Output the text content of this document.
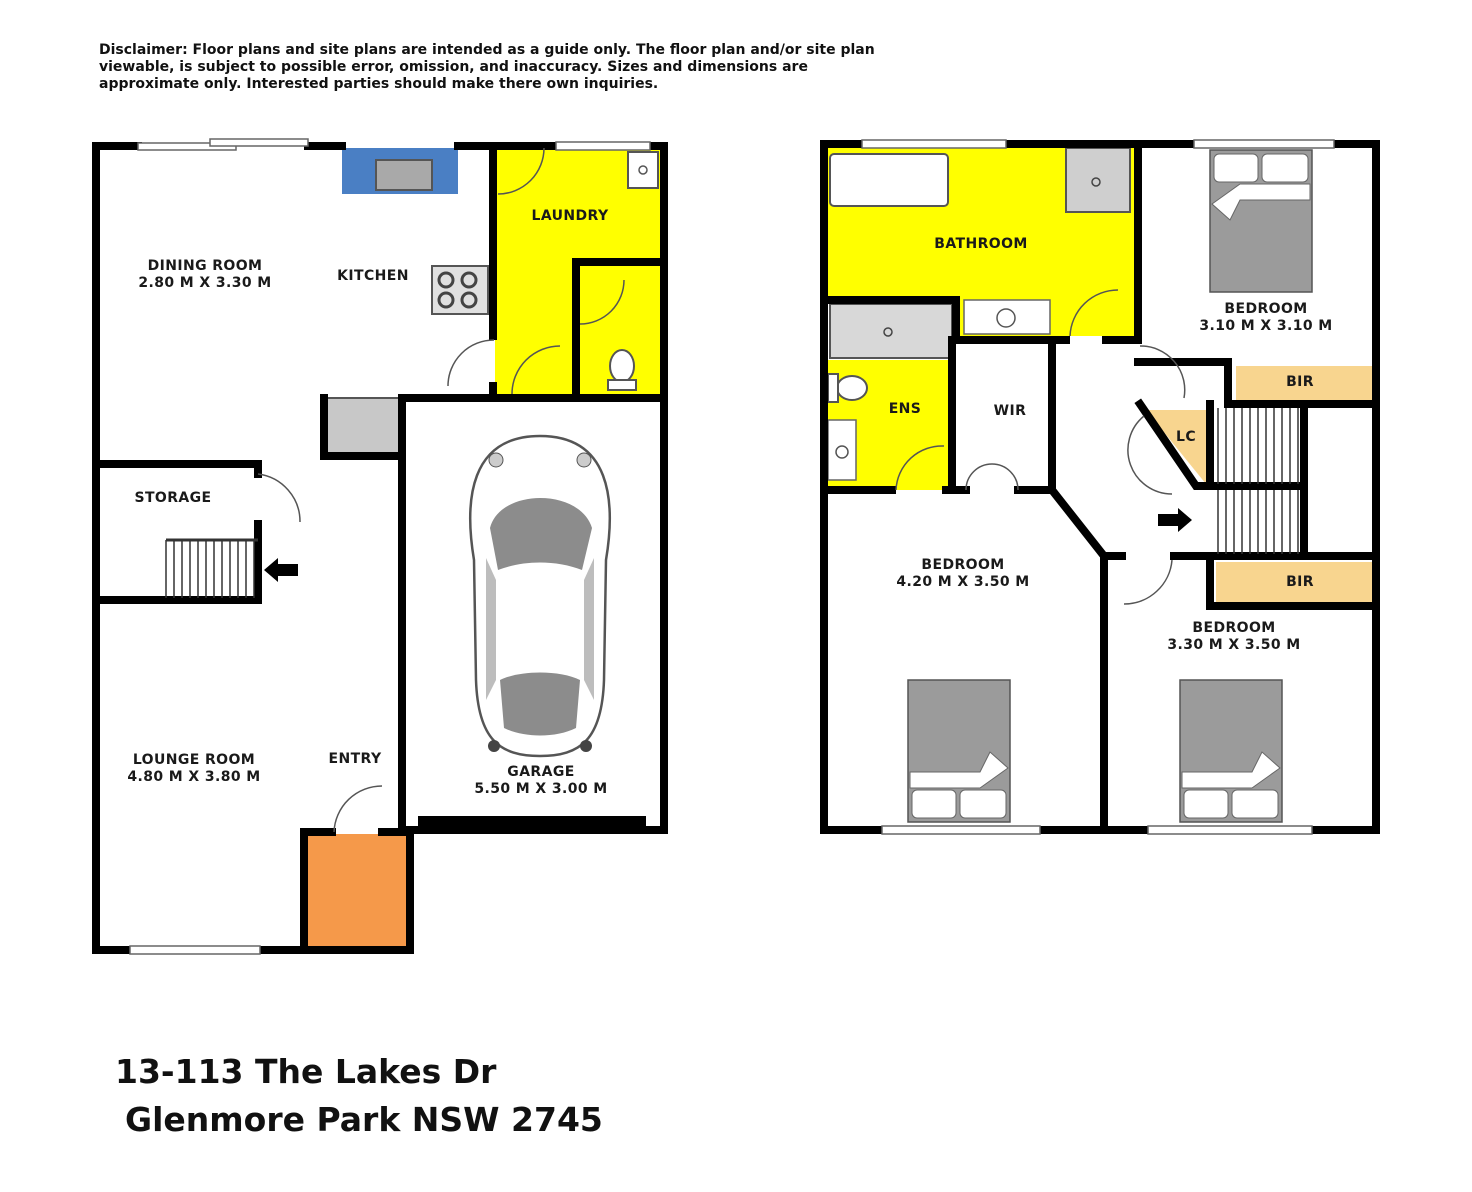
Disclaimer: Floor plans and site plans are intended as a guide only. The floor plan and/or site plan viewable, is subject to possible error, omission, and inaccuracy. Sizes and dimensions are approximate only. Interested parties should make there own inquiries.

DINING ROOM
2.80 M X 3.30 M	KITCHEN
LAUNDRY
STORAGE
LOUNGE ROOM
4.80 M X 3.80 M
ENTRY
GARAGE
5.50 M X 3.00 M
BATHROOM
ENS	WIR
LC
BIR
BIR
BEDROOM
3.10 M X 3.10 M
BEDROOM
4.20 M X 3.50 M
BEDROOM
3.30 M X 3.50 M

13-113 The Lakes Dr

Glenmore Park NSW 2745
